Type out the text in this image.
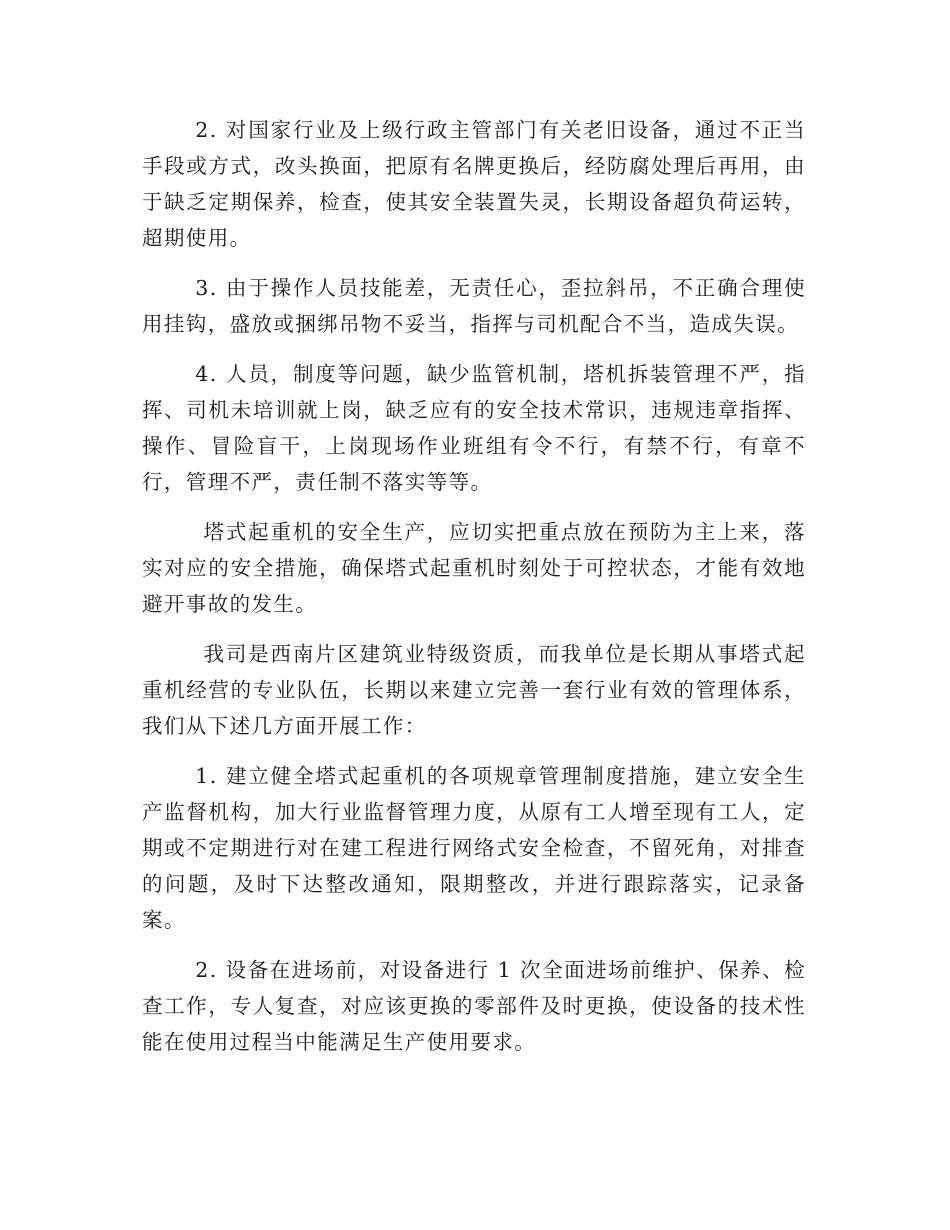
2. 对国家行业及上级行政主管部门有关老旧设备，通过不正当手段或方式，改头换面，把原有名牌更换后，经防腐处理后再用，由于缺乏定期保养，检查，使其安全装置失灵，长期设备超负荷运转，超期使用。

3. 由于操作人员技能差，无责任心，歪拉斜吊，不正确合理使用挂钩，盛放或捆绑吊物不妥当，指挥与司机配合不当，造成失误。

4. 人员，制度等问题，缺少监管机制，塔机拆装管理不严，指挥、司机未培训就上岗，缺乏应有的安全技术常识，违规违章指挥、操作、冒险盲干，上岗现场作业班组有令不行，有禁不行，有章不行，管理不严，责任制不落实等等。

塔式起重机的安全生产，应切实把重点放在预防为主上来，落实对应的安全措施，确保塔式起重机时刻处于可控状态，才能有效地避开事故的发生。

我司是西南片区建筑业特级资质，而我单位是长期从事塔式起重机经营的专业队伍，长期以来建立完善一套行业有效的管理体系，我们从下述几方面开展工作：

1. 建立健全塔式起重机的各项规章管理制度措施，建立安全生产监督机构，加大行业监督管理力度，从原有工人增至现有工人，定期或不定期进行对在建工程进行网络式安全检查，不留死角，对排查的问题，及时下达整改通知，限期整改，并进行跟踪落实，记录备案。

2. 设备在进场前，对设备进行 1 次全面进场前维护、保养、检查工作，专人复查，对应该更换的零部件及时更换，使设备的技术性能在使用过程当中能满足生产使用要求。
